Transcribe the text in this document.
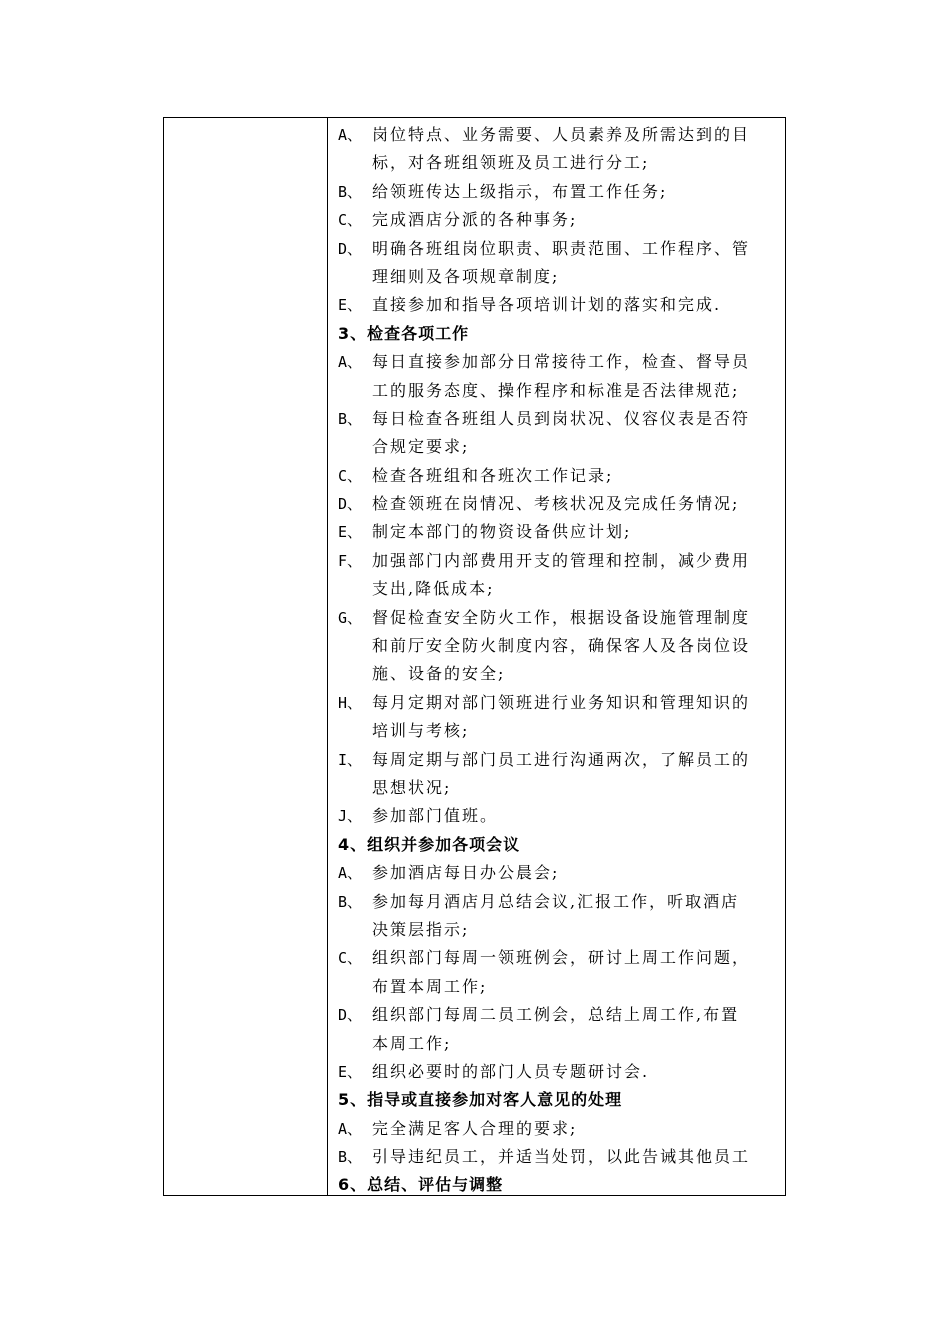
A、 岗位特点、业务需要、人员素养及所需达到的目
标，对各班组领班及员工进行分工;
B、 给领班传达上级指示，布置工作任务;
C、 完成酒店分派的各种事务;
D、 明确各班组岗位职责、职责范围、工作程序、管
理细则及各项规章制度;
E、 直接参加和指导各项培训计划的落实和完成.
3、检查各项工作
A、 每日直接参加部分日常接待工作，检查、督导员
工的服务态度、操作程序和标准是否法律规范;
B、 每日检查各班组人员到岗状况、仪容仪表是否符
合规定要求;
C、 检查各班组和各班次工作记录;
D、 检查领班在岗情况、考核状况及完成任务情况;
E、 制定本部门的物资设备供应计划;
F、 加强部门内部费用开支的管理和控制，减少费用
支出,降低成本;
G、 督促检查安全防火工作，根据设备设施管理制度
和前厅安全防火制度内容，确保客人及各岗位设
施、设备的安全;
H、 每月定期对部门领班进行业务知识和管理知识的
培训与考核;
I、 每周定期与部门员工进行沟通两次，了解员工的
思想状况;
J、 参加部门值班。
4、组织并参加各项会议
A、 参加酒店每日办公晨会;
B、 参加每月酒店月总结会议,汇报工作，听取酒店
决策层指示;
C、 组织部门每周一领班例会，研讨上周工作问题，
布置本周工作;
D、 组织部门每周二员工例会，总结上周工作,布置
本周工作;
E、 组织必要时的部门人员专题研讨会.
5、指导或直接参加对客人意见的处理
A、 完全满足客人合理的要求;
B、 引导违纪员工，并适当处罚，以此告诫其他员工
6、总结、评估与调整
